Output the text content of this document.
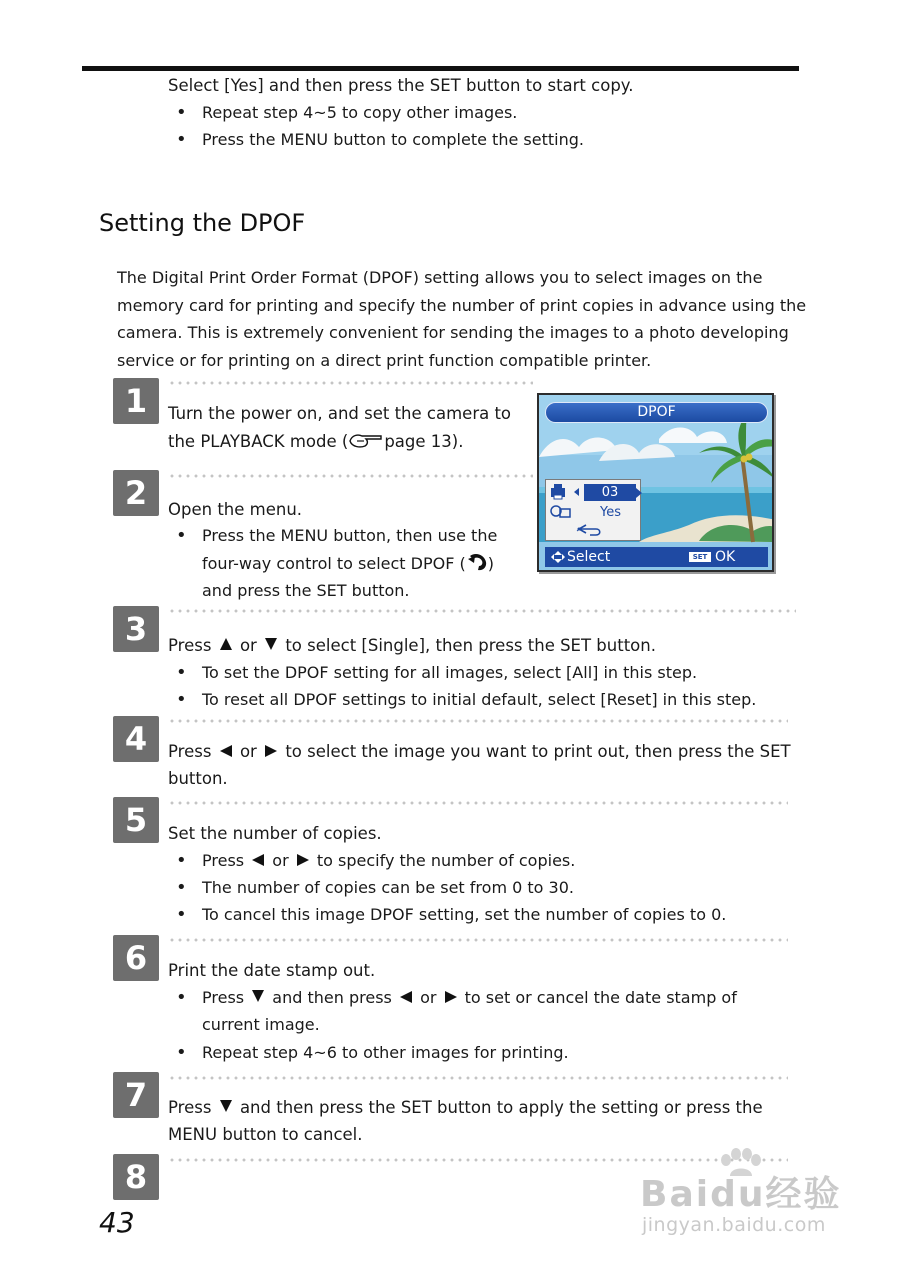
Select [Yes] and then press the SET button to start copy.
• Repeat step 4~5 to copy other images.
• Press the MENU button to complete the setting.
Setting the DPOF
The Digital Print Order Format (DPOF) setting allows you to select images on the
memory card for printing and specify the number of print copies in advance using the
camera. This is extremely convenient for sending the images to a photo developing
service or for printing on a direct print function compatible printer.
1	Turn the power on, and set the camera to
the PLAYBACK mode ( page 13).
2	Open the menu.
• Press the MENU button, then use the
four-way control to select DPOF ( )
and press the SET button.
DPOF
03
Yes
Select	SET OK
3	Press or to select [Single], then press the SET button.
• To set the DPOF setting for all images, select [All] in this step.
• To reset all DPOF settings to initial default, select [Reset] in this step.
4	Press or to select the image you want to print out, then press the SET
button.
5	Set the number of copies.
• Press or to specify the number of copies.
• The number of copies can be set from 0 to 30.
• To cancel this image DPOF setting, set the number of copies to 0.
6	Print the date stamp out.
• Press and then press or to set or cancel the date stamp of
current image.
• Repeat step 4~6 to other images for printing.
7	Press and then press the SET button to apply the setting or press the
MENU button to cancel.
8
43
Baidu经验
jingyan.baidu.com
